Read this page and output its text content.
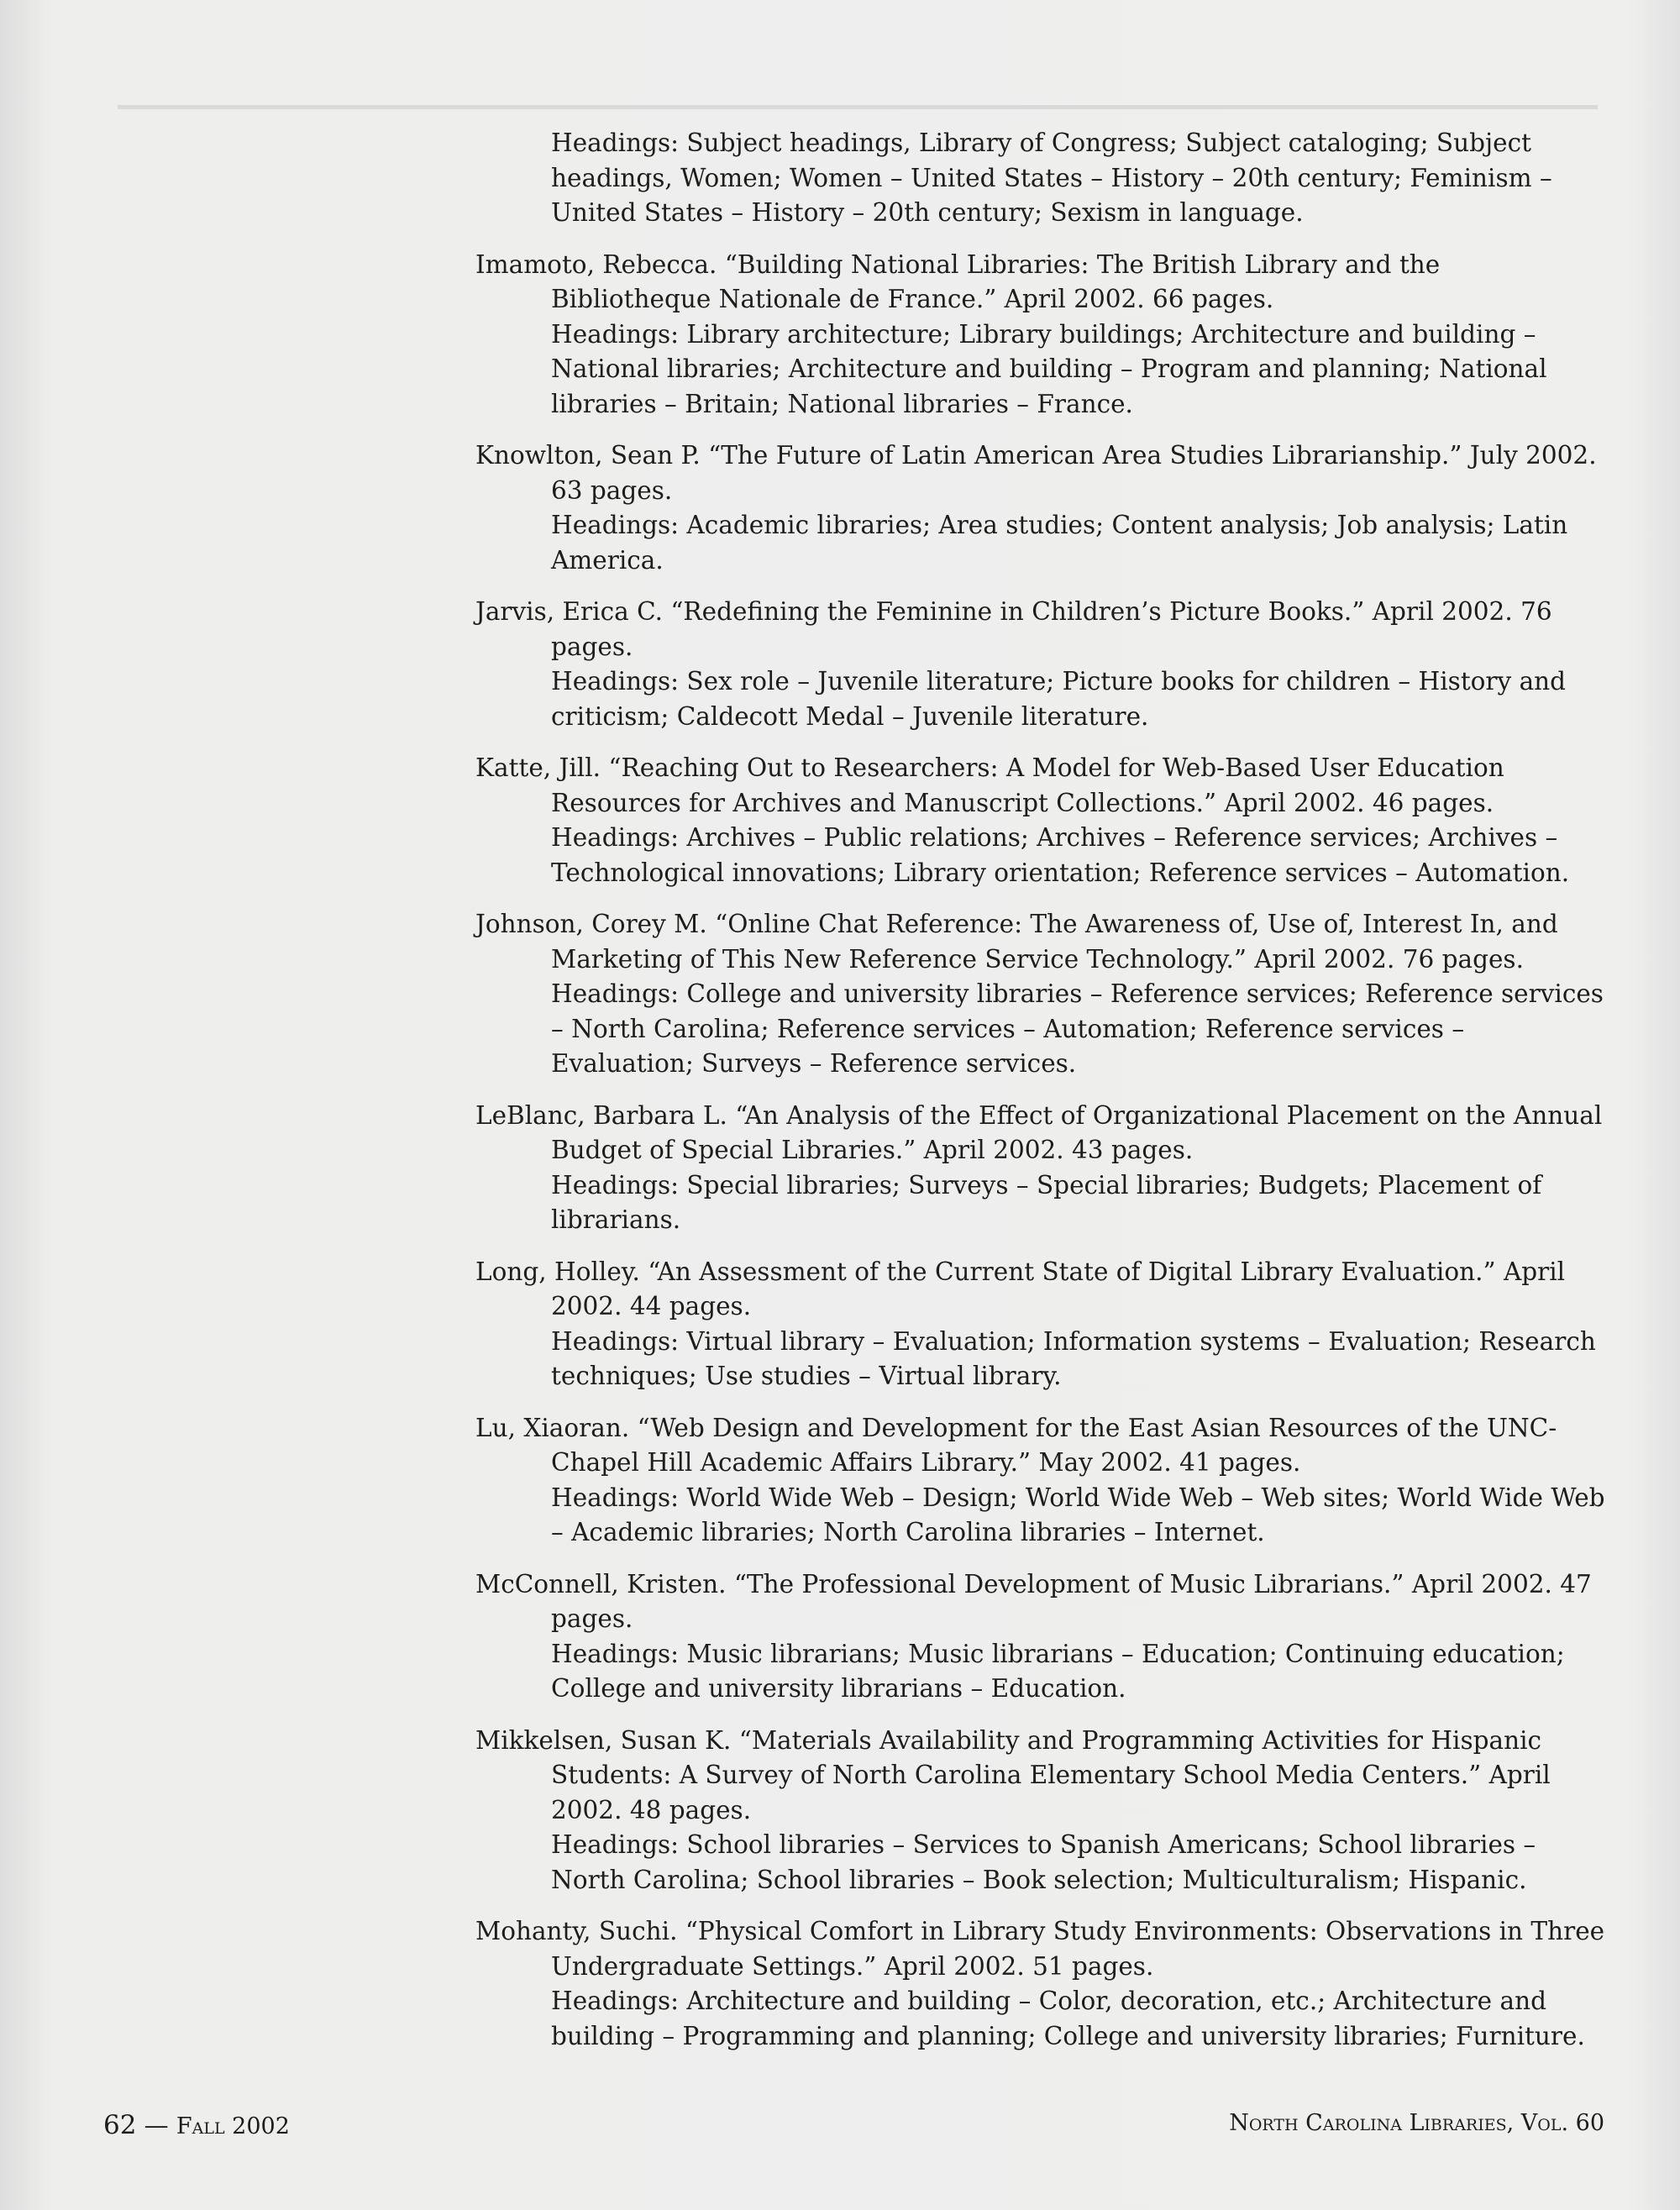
Headings: Subject headings, Library of Congress; Subject cataloging; Subject headings, Women; Women – United States – History – 20th century; Feminism – United States – History – 20th century; Sexism in language.

Imamoto, Rebecca. “Building National Libraries: The British Library and the Bibliotheque Nationale de France.” April 2002. 66 pages.

Headings: Library architecture; Library buildings; Architecture and building – National libraries; Architecture and building – Program and planning; National libraries – Britain; National libraries – France.

Knowlton, Sean P. “The Future of Latin American Area Studies Librarianship.” July 2002. 63 pages.

Headings: Academic libraries; Area studies; Content analysis; Job analysis; Latin America.

Jarvis, Erica C. “Redefining the Feminine in Children’s Picture Books.” April 2002. 76 pages.

Headings: Sex role – Juvenile literature; Picture books for children – History and criticism; Caldecott Medal – Juvenile literature.

Katte, Jill. “Reaching Out to Researchers: A Model for Web-Based User Education Resources for Archives and Manuscript Collections.” April 2002. 46 pages.

Headings: Archives – Public relations; Archives – Reference services; Archives – Technological innovations; Library orientation; Reference services – Automation.

Johnson, Corey M. “Online Chat Reference: The Awareness of, Use of, Interest In, and Marketing of This New Reference Service Technology.” April 2002. 76 pages.

Headings: College and university libraries – Reference services; Reference services – North Carolina; Reference services – Automation; Reference services – Evaluation; Surveys – Reference services.

LeBlanc, Barbara L. “An Analysis of the Effect of Organizational Placement on the Annual Budget of Special Libraries.” April 2002. 43 pages.

Headings: Special libraries; Surveys – Special libraries; Budgets; Placement of librarians.

Long, Holley. “An Assessment of the Current State of Digital Library Evaluation.” April 2002. 44 pages.

Headings: Virtual library – Evaluation; Information systems – Evaluation; Research techniques; Use studies – Virtual library.

Lu, Xiaoran. “Web Design and Development for the East Asian Resources of the UNC-Chapel Hill Academic Affairs Library.” May 2002. 41 pages.

Headings: World Wide Web – Design; World Wide Web – Web sites; World Wide Web – Academic libraries; North Carolina libraries – Internet.

McConnell, Kristen. “The Professional Development of Music Librarians.” April 2002. 47 pages.

Headings: Music librarians; Music librarians – Education; Continuing education; College and university librarians – Education.

Mikkelsen, Susan K. “Materials Availability and Programming Activities for Hispanic Students: A Survey of North Carolina Elementary School Media Centers.” April 2002. 48 pages.

Headings: School libraries – Services to Spanish Americans; School libraries – North Carolina; School libraries – Book selection; Multiculturalism; Hispanic.

Mohanty, Suchi. “Physical Comfort in Library Study Environments: Observations in Three Undergraduate Settings.” April 2002. 51 pages.

Headings: Architecture and building – Color, decoration, etc.; Architecture and building – Programming and planning; College and university libraries; Furniture.

62 — Fall 2002	North Carolina Libraries, Vol. 60
